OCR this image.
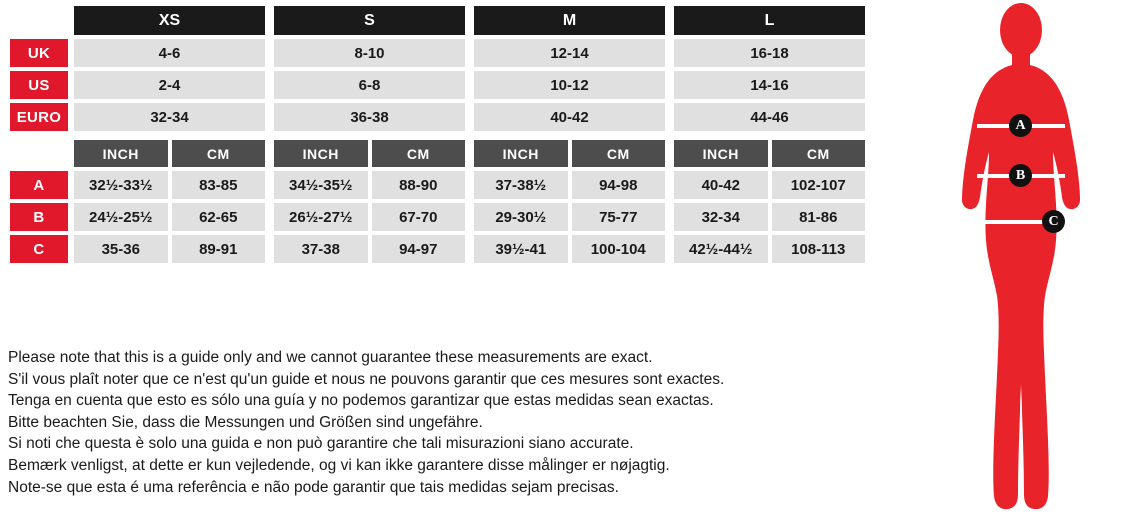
XS	S	M	L
UK	4-6	8-10	12-14	16-18
US	2-4	6-8	10-12	14-16
EURO	32-34	36-38	40-42	44-46
INCH	CM	INCH	CM	INCH	CM	INCH	CM
A	32½-33½	83-85	34½-35½	88-90	37-38½	94-98	40-42	102-107
B	24½-25½	62-65	26½-27½	67-70	29-30½	75-77	32-34	81-86
C	35-36	89-91	37-38	94-97	39½-41	100-104	42½-44½	108-113

Please note that this is a guide only and we cannot guarantee these measurements are exact.

S'il vous plaît noter que ce n'est qu'un guide et nous ne pouvons garantir que ces mesures sont exactes.

Tenga en cuenta que esto es sólo una guía y no podemos garantizar que estas medidas sean exactas.

Bitte beachten Sie, dass die Messungen und Größen sind ungefähre.

Si noti che questa è solo una guida e non può garantire che tali misurazioni siano accurate.

Bemærk venligst, at dette er kun vejledende, og vi kan ikke garantere disse målinger er nøjagtig.

Note-se que esta é uma referência e não pode garantir que tais medidas sejam precisas.

A
B
C
